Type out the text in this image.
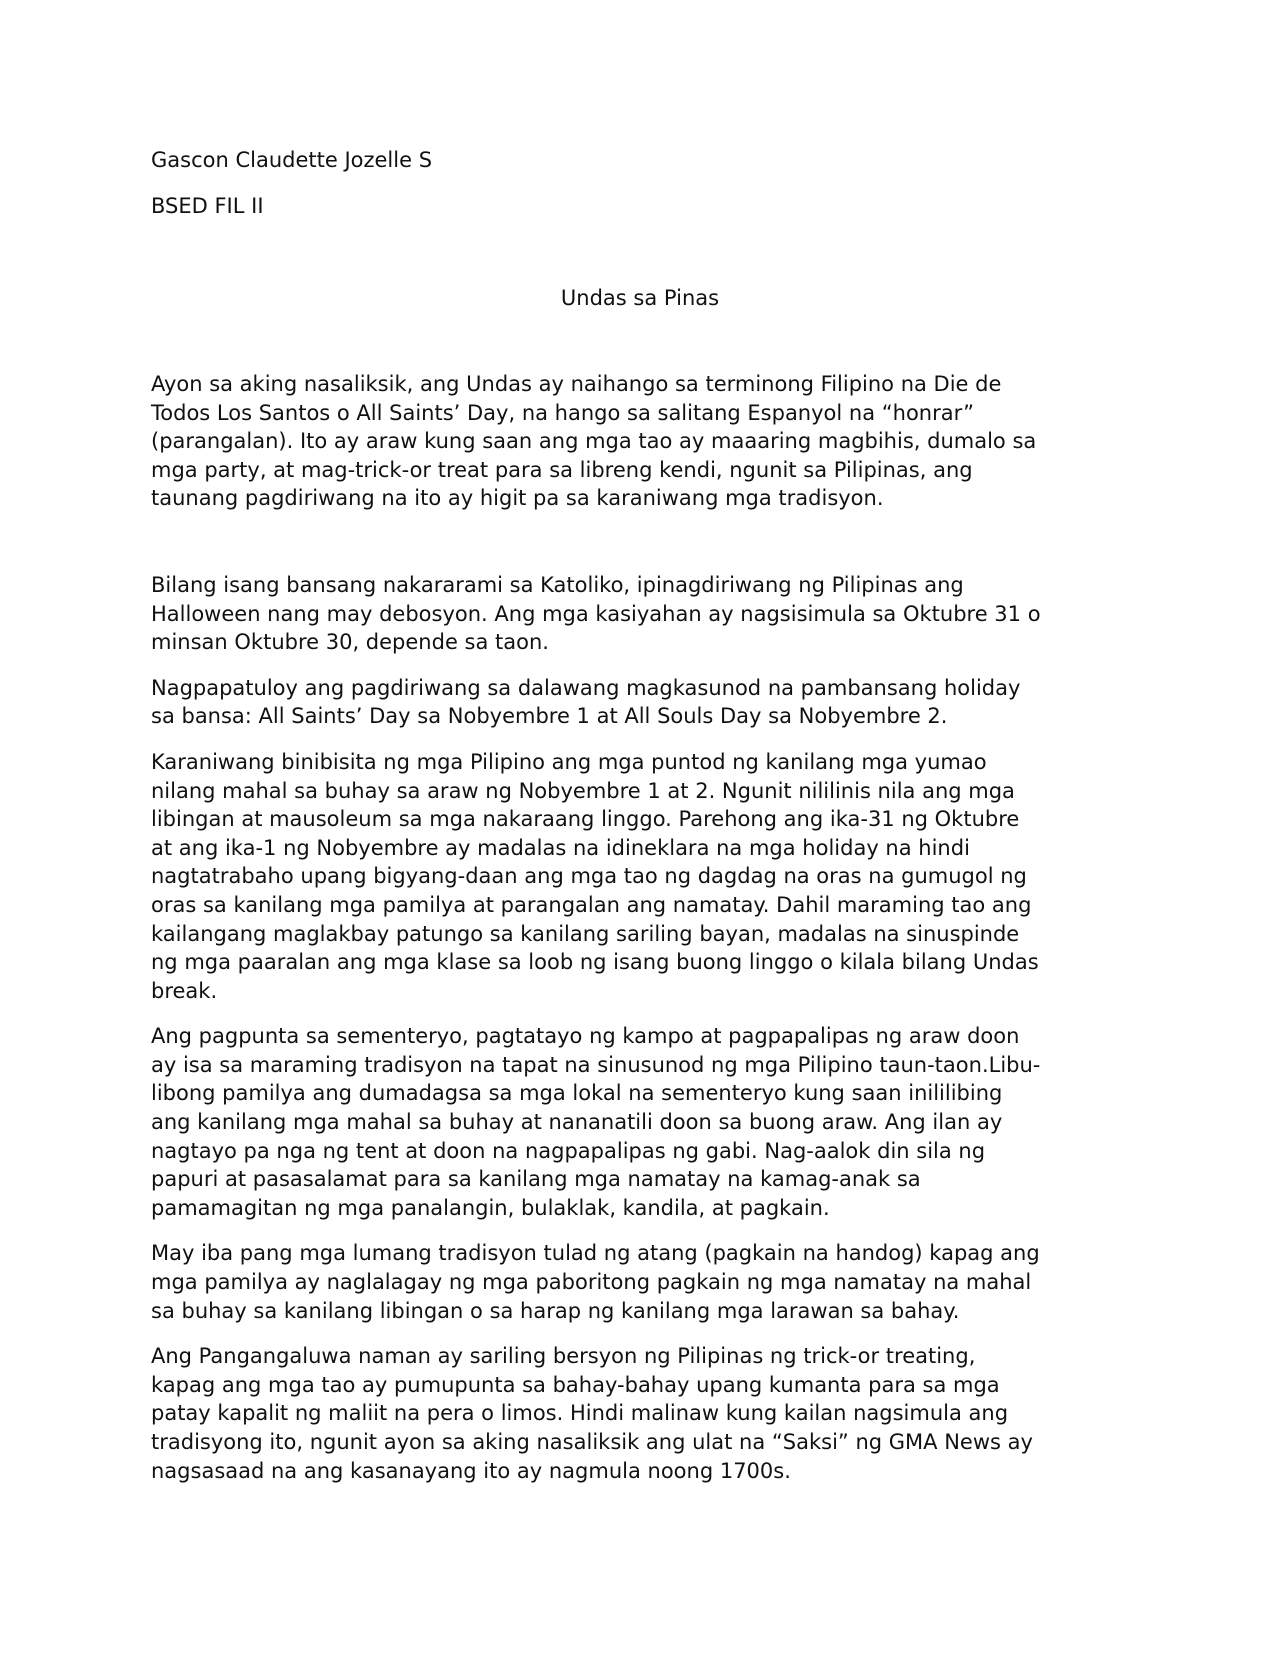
Gascon Claudette Jozelle S

BSED FIL II

Undas sa Pinas

Ayon sa aking nasaliksik, ang Undas ay naihango sa terminong Filipino na Die de
Todos Los Santos o All Saints’ Day, na hango sa salitang Espanyol na “honrar”
(parangalan). Ito ay araw kung saan ang mga tao ay maaaring magbihis, dumalo sa
mga party, at mag-trick-or treat para sa libreng kendi, ngunit sa Pilipinas, ang
taunang pagdiriwang na ito ay higit pa sa karaniwang mga tradisyon.

Bilang isang bansang nakararami sa Katoliko, ipinagdiriwang ng Pilipinas ang
Halloween nang may debosyon. Ang mga kasiyahan ay nagsisimula sa Oktubre 31 o
minsan Oktubre 30, depende sa taon.

Nagpapatuloy ang pagdiriwang sa dalawang magkasunod na pambansang holiday
sa bansa: All Saints’ Day sa Nobyembre 1 at All Souls Day sa Nobyembre 2.

Karaniwang binibisita ng mga Pilipino ang mga puntod ng kanilang mga yumao
nilang mahal sa buhay sa araw ng Nobyembre 1 at 2. Ngunit nililinis nila ang mga
libingan at mausoleum sa mga nakaraang linggo. Parehong ang ika-31 ng Oktubre
at ang ika-1 ng Nobyembre ay madalas na idineklara na mga holiday na hindi
nagtatrabaho upang bigyang-daan ang mga tao ng dagdag na oras na gumugol ng
oras sa kanilang mga pamilya at parangalan ang namatay. Dahil maraming tao ang
kailangang maglakbay patungo sa kanilang sariling bayan, madalas na sinuspinde
ng mga paaralan ang mga klase sa loob ng isang buong linggo o kilala bilang Undas
break.

Ang pagpunta sa sementeryo, pagtatayo ng kampo at pagpapalipas ng araw doon
ay isa sa maraming tradisyon na tapat na sinusunod ng mga Pilipino taun-taon.Libu-
libong pamilya ang dumadagsa sa mga lokal na sementeryo kung saan inililibing
ang kanilang mga mahal sa buhay at nananatili doon sa buong araw. Ang ilan ay
nagtayo pa nga ng tent at doon na nagpapalipas ng gabi. Nag-aalok din sila ng
papuri at pasasalamat para sa kanilang mga namatay na kamag-anak sa
pamamagitan ng mga panalangin, bulaklak, kandila, at pagkain.

May iba pang mga lumang tradisyon tulad ng atang (pagkain na handog) kapag ang
mga pamilya ay naglalagay ng mga paboritong pagkain ng mga namatay na mahal
sa buhay sa kanilang libingan o sa harap ng kanilang mga larawan sa bahay.

Ang Pangangaluwa naman ay sariling bersyon ng Pilipinas ng trick-or treating,
kapag ang mga tao ay pumupunta sa bahay-bahay upang kumanta para sa mga
patay kapalit ng maliit na pera o limos. Hindi malinaw kung kailan nagsimula ang
tradisyong ito, ngunit ayon sa aking nasaliksik ang ulat na “Saksi” ng GMA News ay
nagsasaad na ang kasanayang ito ay nagmula noong 1700s.
